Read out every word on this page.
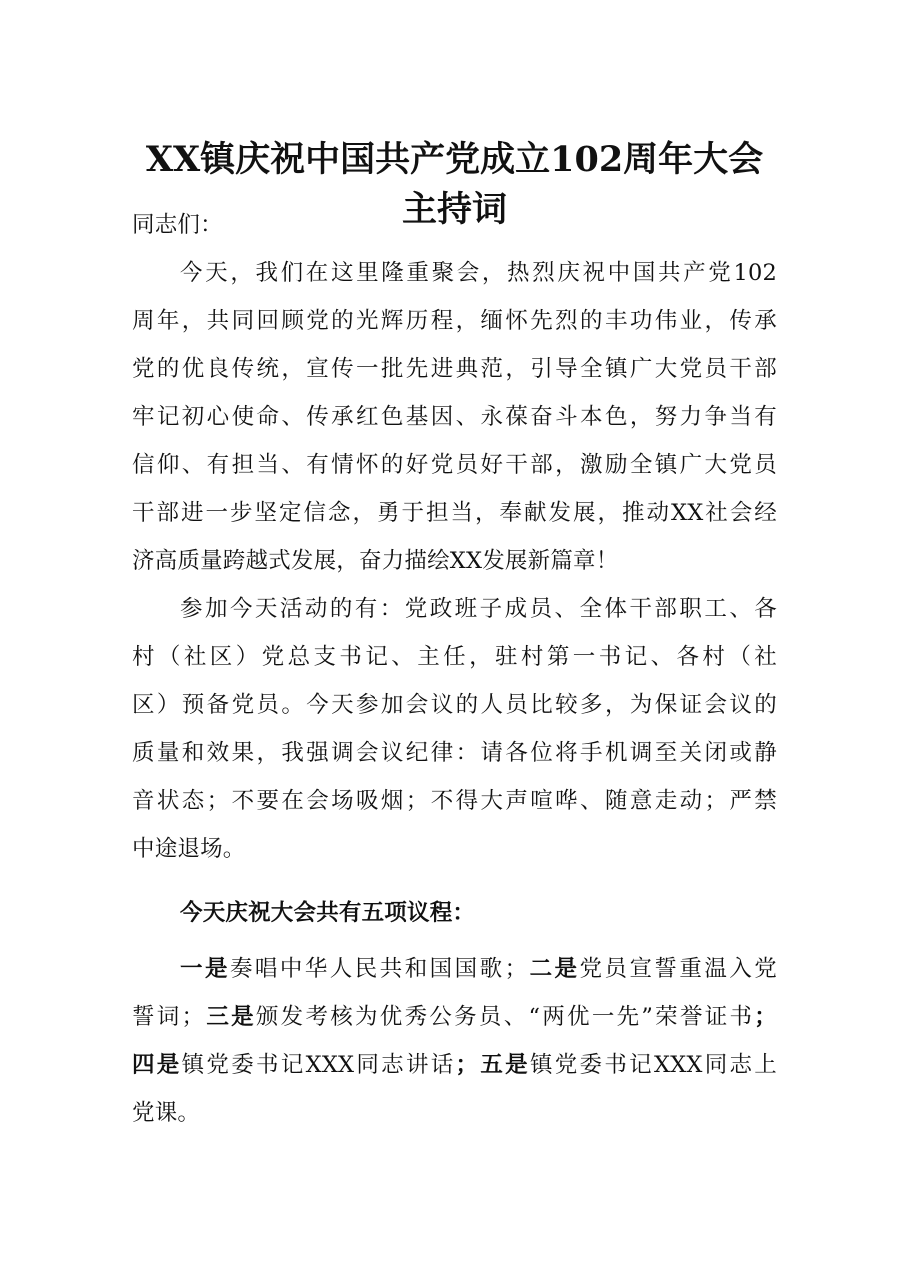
XX镇庆祝中国共产党成立102周年大会
主持词
同志们：
今天，我们在这里隆重聚会，热烈庆祝中国共产党102
周年，共同回顾党的光辉历程，缅怀先烈的丰功伟业，传承
党的优良传统，宣传一批先进典范，引导全镇广大党员干部
牢记初心使命、传承红色基因、永葆奋斗本色，努力争当有
信仰、有担当、有情怀的好党员好干部，激励全镇广大党员
干部进一步坚定信念，勇于担当，奉献发展，推动XX社会经
济高质量跨越式发展，奋力描绘XX发展新篇章！
参加今天活动的有：党政班子成员、全体干部职工、各
村（社区）党总支书记、主任，驻村第一书记、各村（社
区）预备党员。今天参加会议的人员比较多，为保证会议的
质量和效果，我强调会议纪律：请各位将手机调至关闭或静
音状态；不要在会场吸烟；不得大声喧哗、随意走动；严禁
中途退场。
今天庆祝大会共有五项议程：
一是奏唱中华人民共和国国歌；二是党员宣誓重温入党
誓词；三是颁发考核为优秀公务员、“两优一先”荣誉证书；
四是镇党委书记XXX同志讲话；五是镇党委书记XXX同志上
党课。
